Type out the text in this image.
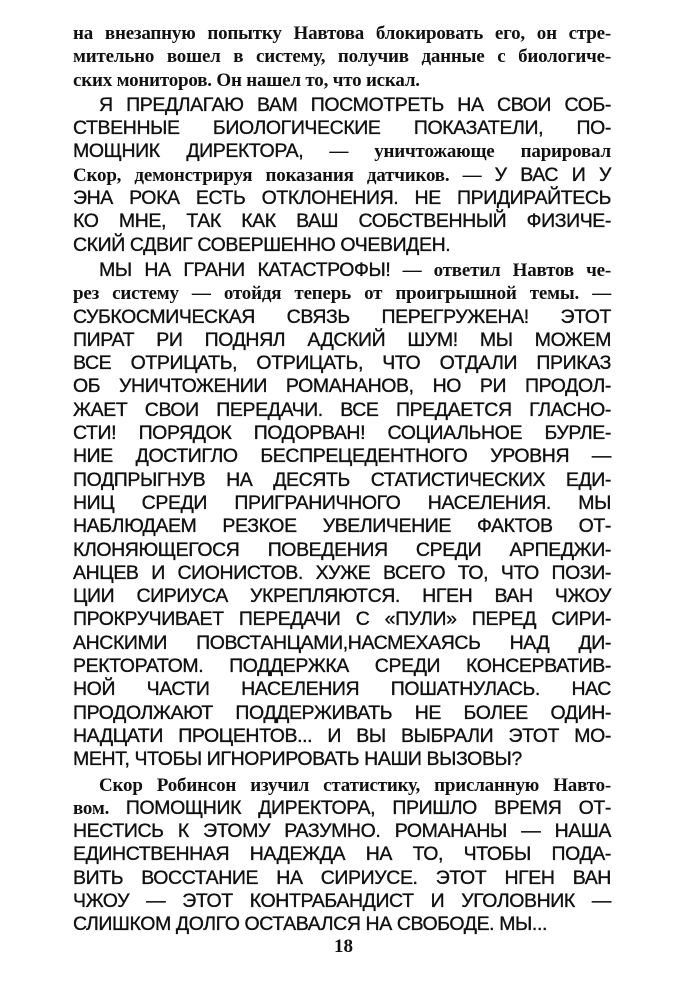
на внезапную попытку Навтова блокировать его, он стре-
мительно вошел в систему, получив данные с биологиче-
ских мониторов. Он нашел то, что искал.
Я ПРЕДЛАГАЮ ВАМ ПОСМОТРЕТЬ НА СВОИ СОБ-
СТВЕННЫЕ БИОЛОГИЧЕСКИЕ ПОКАЗАТЕЛИ, ПО-
МОЩНИК ДИРЕКТОРА, — уничтожающе парировал
Скор, демонстрируя показания датчиков. — У ВАС И У
ЭНА РОКА ЕСТЬ ОТКЛОНЕНИЯ. НЕ ПРИДИРАЙТЕСЬ
КО МНЕ, ТАК КАК ВАШ СОБСТВЕННЫЙ ФИЗИЧЕ-
СКИЙ СДВИГ СОВЕРШЕННО ОЧЕВИДЕН.
МЫ НА ГРАНИ КАТАСТРОФЫ! — ответил Навтов че-
рез систему — отойдя теперь от проигрышной темы. —
СУБКОСМИЧЕСКАЯ СВЯЗЬ ПЕРЕГРУЖЕНА! ЭТОТ
ПИРАТ РИ ПОДНЯЛ АДСКИЙ ШУМ! МЫ МОЖЕМ
ВСЕ ОТРИЦАТЬ, ОТРИЦАТЬ, ЧТО ОТДАЛИ ПРИКАЗ
ОБ УНИЧТОЖЕНИИ РОМАНАНОВ, НО РИ ПРОДОЛ-
ЖАЕТ СВОИ ПЕРЕДАЧИ. ВСЕ ПРЕДАЕТСЯ ГЛАСНО-
СТИ! ПОРЯДОК ПОДОРВАН! СОЦИАЛЬНОЕ БУРЛЕ-
НИЕ ДОСТИГЛО БЕСПРЕЦЕДЕНТНОГО УРОВНЯ —
ПОДПРЫГНУВ НА ДЕСЯТЬ СТАТИСТИЧЕСКИХ ЕДИ-
НИЦ СРЕДИ ПРИГРАНИЧНОГО НАСЕЛЕНИЯ. МЫ
НАБЛЮДАЕМ РЕЗКОЕ УВЕЛИЧЕНИЕ ФАКТОВ ОТ-
КЛОНЯЮЩЕГОСЯ ПОВЕДЕНИЯ СРЕДИ АРПЕДЖИ-
АНЦЕВ И СИОНИСТОВ. ХУЖЕ ВСЕГО ТО, ЧТО ПОЗИ-
ЦИИ СИРИУСА УКРЕПЛЯЮТСЯ. НГЕН ВАН ЧЖОУ
ПРОКРУЧИВАЕТ ПЕРЕДАЧИ С «ПУЛИ» ПЕРЕД СИРИ-
АНСКИМИ ПОВСТАНЦАМИ,НАСМЕХАЯСЬ НАД ДИ-
РЕКТОРАТОМ. ПОДДЕРЖКА СРЕДИ КОНСЕРВАТИВ-
НОЙ ЧАСТИ НАСЕЛЕНИЯ ПОШАТНУЛАСЬ. НАС
ПРОДОЛЖАЮТ ПОДДЕРЖИВАТЬ НЕ БОЛЕЕ ОДИН-
НАДЦАТИ ПРОЦЕНТОВ... И ВЫ ВЫБРАЛИ ЭТОТ МО-
МЕНТ, ЧТОБЫ ИГНОРИРОВАТЬ НАШИ ВЫЗОВЫ?
Скор Робинсон изучил статистику, присланную Навто-
вом. ПОМОЩНИК ДИРЕКТОРА, ПРИШЛО ВРЕМЯ ОТ-
НЕСТИСЬ К ЭТОМУ РАЗУМНО. РОМАНАНЫ — НАША
ЕДИНСТВЕННАЯ НАДЕЖДА НА ТО, ЧТОБЫ ПОДА-
ВИТЬ ВОССТАНИЕ НА СИРИУСЕ. ЭТОТ НГЕН ВАН
ЧЖОУ — ЭТОТ КОНТРАБАНДИСТ И УГОЛОВНИК —
СЛИШКОМ ДОЛГО ОСТАВАЛСЯ НА СВОБОДЕ. МЫ...
18
